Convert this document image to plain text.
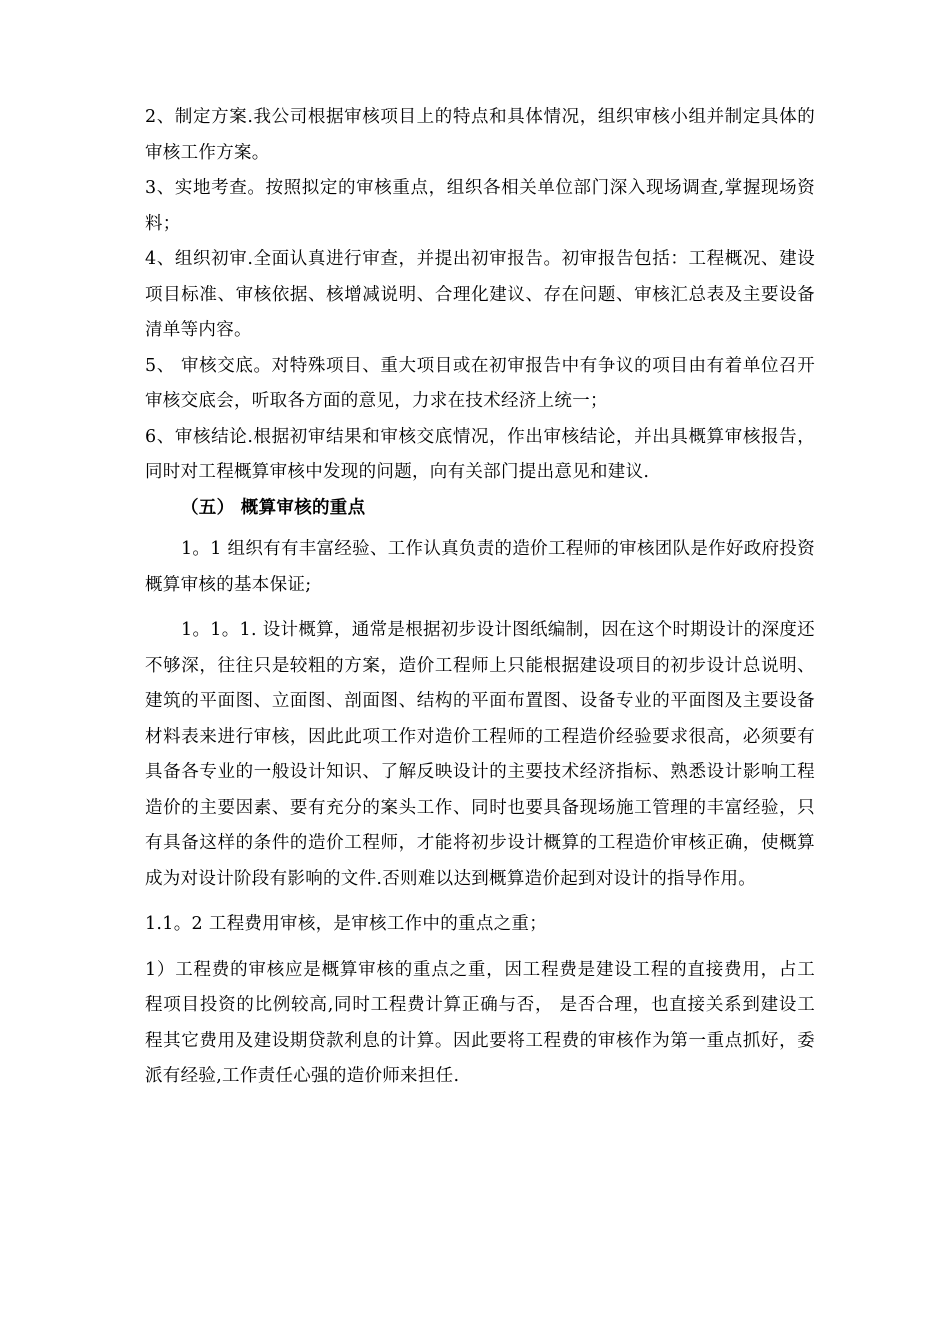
2、制定方案.我公司根据审核项目上的特点和具体情况，组织审核小组并制定具体的审核工作方案。

3、实地考查。按照拟定的审核重点，组织各相关单位部门深入现场调查,掌握现场资料；

4、组织初审.全面认真进行审查，并提出初审报告。初审报告包括：工程概况、建设项目标准、审核依据、核增减说明、合理化建议、存在问题、审核汇总表及主要设备清单等内容。

5、 审核交底。对特殊项目、重大项目或在初审报告中有争议的项目由有着单位召开审核交底会，听取各方面的意见，力求在技术经济上统一；

6、审核结论.根据初审结果和审核交底情况，作出审核结论，并出具概算审核报告，同时对工程概算审核中发现的问题，向有关部门提出意见和建议.

（五） 概算审核的重点

1。1 组织有有丰富经验、工作认真负责的造价工程师的审核团队是作好政府投资概算审核的基本保证;

1。1。1. 设计概算，通常是根据初步设计图纸编制，因在这个时期设计的深度还不够深，往往只是较粗的方案，造价工程师上只能根据建设项目的初步设计总说明、建筑的平面图、立面图、剖面图、结构的平面布置图、设备专业的平面图及主要设备材料表来进行审核，因此此项工作对造价工程师的工程造价经验要求很高，必须要有具备各专业的一般设计知识、了解反映设计的主要技术经济指标、熟悉设计影响工程造价的主要因素、要有充分的案头工作、同时也要具备现场施工管理的丰富经验，只有具备这样的条件的造价工程师，才能将初步设计概算的工程造价审核正确，使概算成为对设计阶段有影响的文件.否则难以达到概算造价起到对设计的指导作用。

1.1。2 工程费用审核，是审核工作中的重点之重；

1）工程费的审核应是概算审核的重点之重，因工程费是建设工程的直接费用，占工程项目投资的比例较高,同时工程费计算正确与否， 是否合理，也直接关系到建设工程其它费用及建设期贷款利息的计算。因此要将工程费的审核作为第一重点抓好，委派有经验,工作责任心强的造价师来担任.
